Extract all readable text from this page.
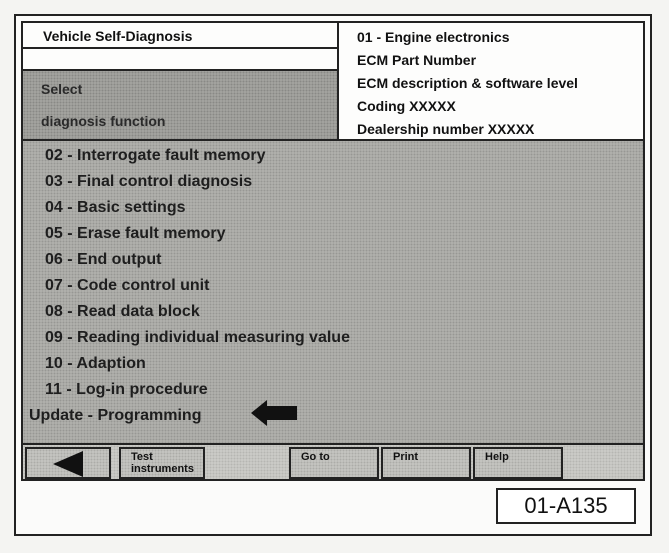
Vehicle Self-Diagnosis
Select
diagnosis function
01 - Engine electronics
ECM Part Number
ECM description & software level
Coding XXXXX
Dealership number XXXXX
02 - Interrogate fault memory
03 - Final control diagnosis
04 - Basic settings
05 - Erase fault memory
06 - End output
07 - Code control unit
08 - Read data block
09 - Reading individual measuring value
10 - Adaption
11 - Log-in procedure
Update - Programming
Test
instruments
Go to	Print	Help
01-A135
